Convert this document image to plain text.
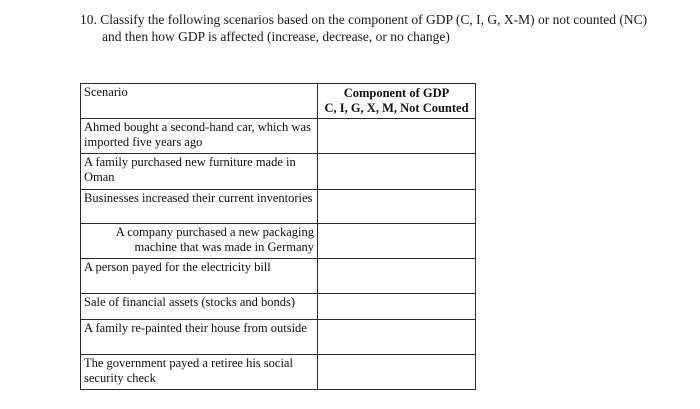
10. Classify the following scenarios based on the component of GDP (C, I, G, X-M) or not counted (NC)
and then how GDP is affected (increase, decrease, or no change)
Scenario	Component of GDP
C, I, G, X, M, Not Counted

Ahmed bought a second-hand car, which was imported five years ago	
A family purchased new furniture made in Oman	
Businesses increased their current inventories	
A company purchased a new packaging machine that was made in Germany	
A person payed for the electricity bill	
Sale of financial assets (stocks and bonds)	
A family re-painted their house from outside	
The government payed a retiree his social security check	
